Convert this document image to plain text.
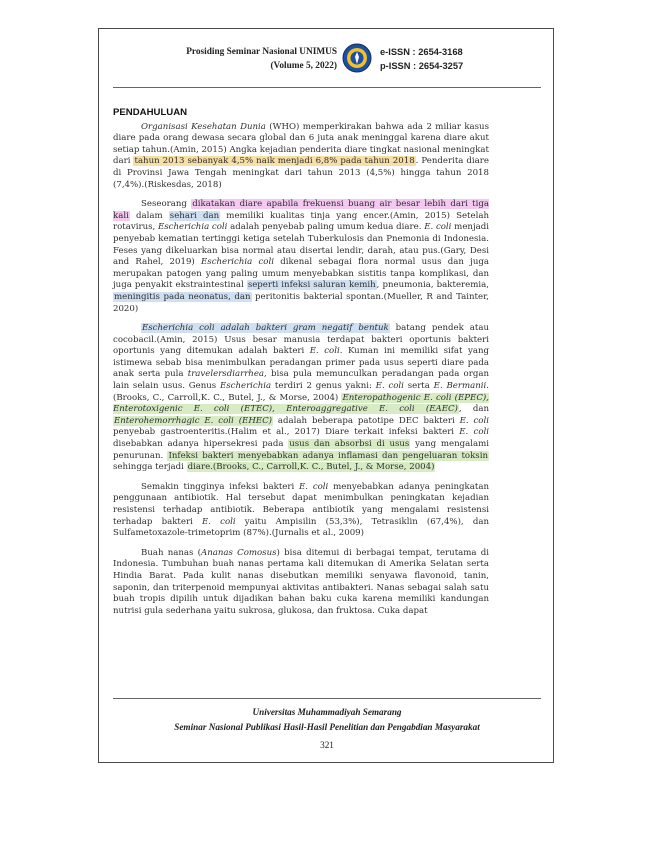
Prosiding Seminar Nasional UNIMUS
(Volume 5, 2022)
e-ISSN : 2654-3168
p-ISSN : 2654-3257
PENDAHULUAN

Organisasi Kesehatan Dunia (WHO) memperkirakan bahwa ada 2 miliar kasus diare pada orang dewasa secara global dan 6 juta anak meninggal karena diare akut setiap tahun.(Amin, 2015) Angka kejadian penderita diare tingkat nasional meningkat dari tahun 2013 sebanyak 4,5% naik menjadi 6,8% pada tahun 2018. Penderita diare di Provinsi Jawa Tengah meningkat dari tahun 2013 (4,5%) hingga tahun 2018 (7,4%).(Riskesdas, 2018)

Seseorang dikatakan diare apabila frekuensi buang air besar lebih dari tiga kali dalam sehari dan memiliki kualitas tinja yang encer.(Amin, 2015) Setelah rotavirus, Escherichia coli adalah penyebab paling umum kedua diare. E. coli menjadi penyebab kematian tertinggi ketiga setelah Tuberkulosis dan Pnemonia di Indonesia. Feses yang dikeluarkan bisa normal atau disertai lendir, darah, atau pus.(Gary, Desi and Rahel, 2019) Escherichia coli dikenal sebagai flora normal usus dan juga merupakan patogen yang paling umum menyebabkan sistitis tanpa komplikasi, dan juga penyakit ekstraintestinal seperti infeksi saluran kemih, pneumonia, bakteremia, meningitis pada neonatus, dan peritonitis bakterial spontan.(Mueller, R and Tainter, 2020)

Escherichia coli adalah bakteri gram negatif bentuk batang pendek atau cocobacil.(Amin, 2015) Usus besar manusia terdapat bakteri oportunis bakteri oportunis yang ditemukan adalah bakteri E. coli. Kuman ini memiliki sifat yang istimewa sebab bisa menimbulkan peradangan primer pada usus seperti diare pada anak serta pula travelersdiarrhea, bisa pula memunculkan peradangan pada organ lain selain usus. Genus Escherichia terdiri 2 genus yakni: E. coli serta E. Bermanii.(Brooks, C., Carroll,K. C., Butel, J., & Morse, 2004) Enteropathogenic E. coli (EPEC), Enterotoxigenic E. coli (ETEC), Enteroaggregative E. coli (EAEC), dan Enterohemorrhagic E. coli (EHEC) adalah beberapa patotipe DEC bakteri E. coli penyebab gastroenteritis.(Halim et al., 2017) Diare terkait infeksi bakteri E. coli disebabkan adanya hipersekresi pada usus dan absorbsi di usus yang mengalami penurunan. Infeksi bakteri menyebabkan adanya inflamasi dan pengeluaran toksin sehingga terjadi diare.(Brooks, C., Carroll,K. C., Butel, J., & Morse, 2004)

Semakin tingginya infeksi bakteri E. coli menyebabkan adanya peningkatan penggunaan antibiotik. Hal tersebut dapat menimbulkan peningkatan kejadian resistensi terhadap antibiotik. Beberapa antibiotik yang mengalami resistensi terhadap bakteri E. coli yaitu Ampisilin (53,3%), Tetrasiklin (67,4%), dan Sulfametoxazole-trimetoprim (87%).(Jurnalis et al., 2009)

Buah nanas (Ananas Comosus) bisa ditemui di berbagai tempat, terutama di Indonesia. Tumbuhan buah nanas pertama kali ditemukan di Amerika Selatan serta Hindia Barat. Pada kulit nanas disebutkan memiliki senyawa flavonoid, tanin, saponin, dan triterpenoid mempunyai aktivitas antibakteri. Nanas sebagai salah satu buah tropis dipilih untuk dijadikan bahan baku cuka karena memiliki kandungan nutrisi gula sederhana yaitu sukrosa, glukosa, dan fruktosa. Cuka dapat

Universitas Muhammadiyah Semarang
Seminar Nasional Publikasi Hasil-Hasil Penelitian dan Pengabdian Masyarakat
321
